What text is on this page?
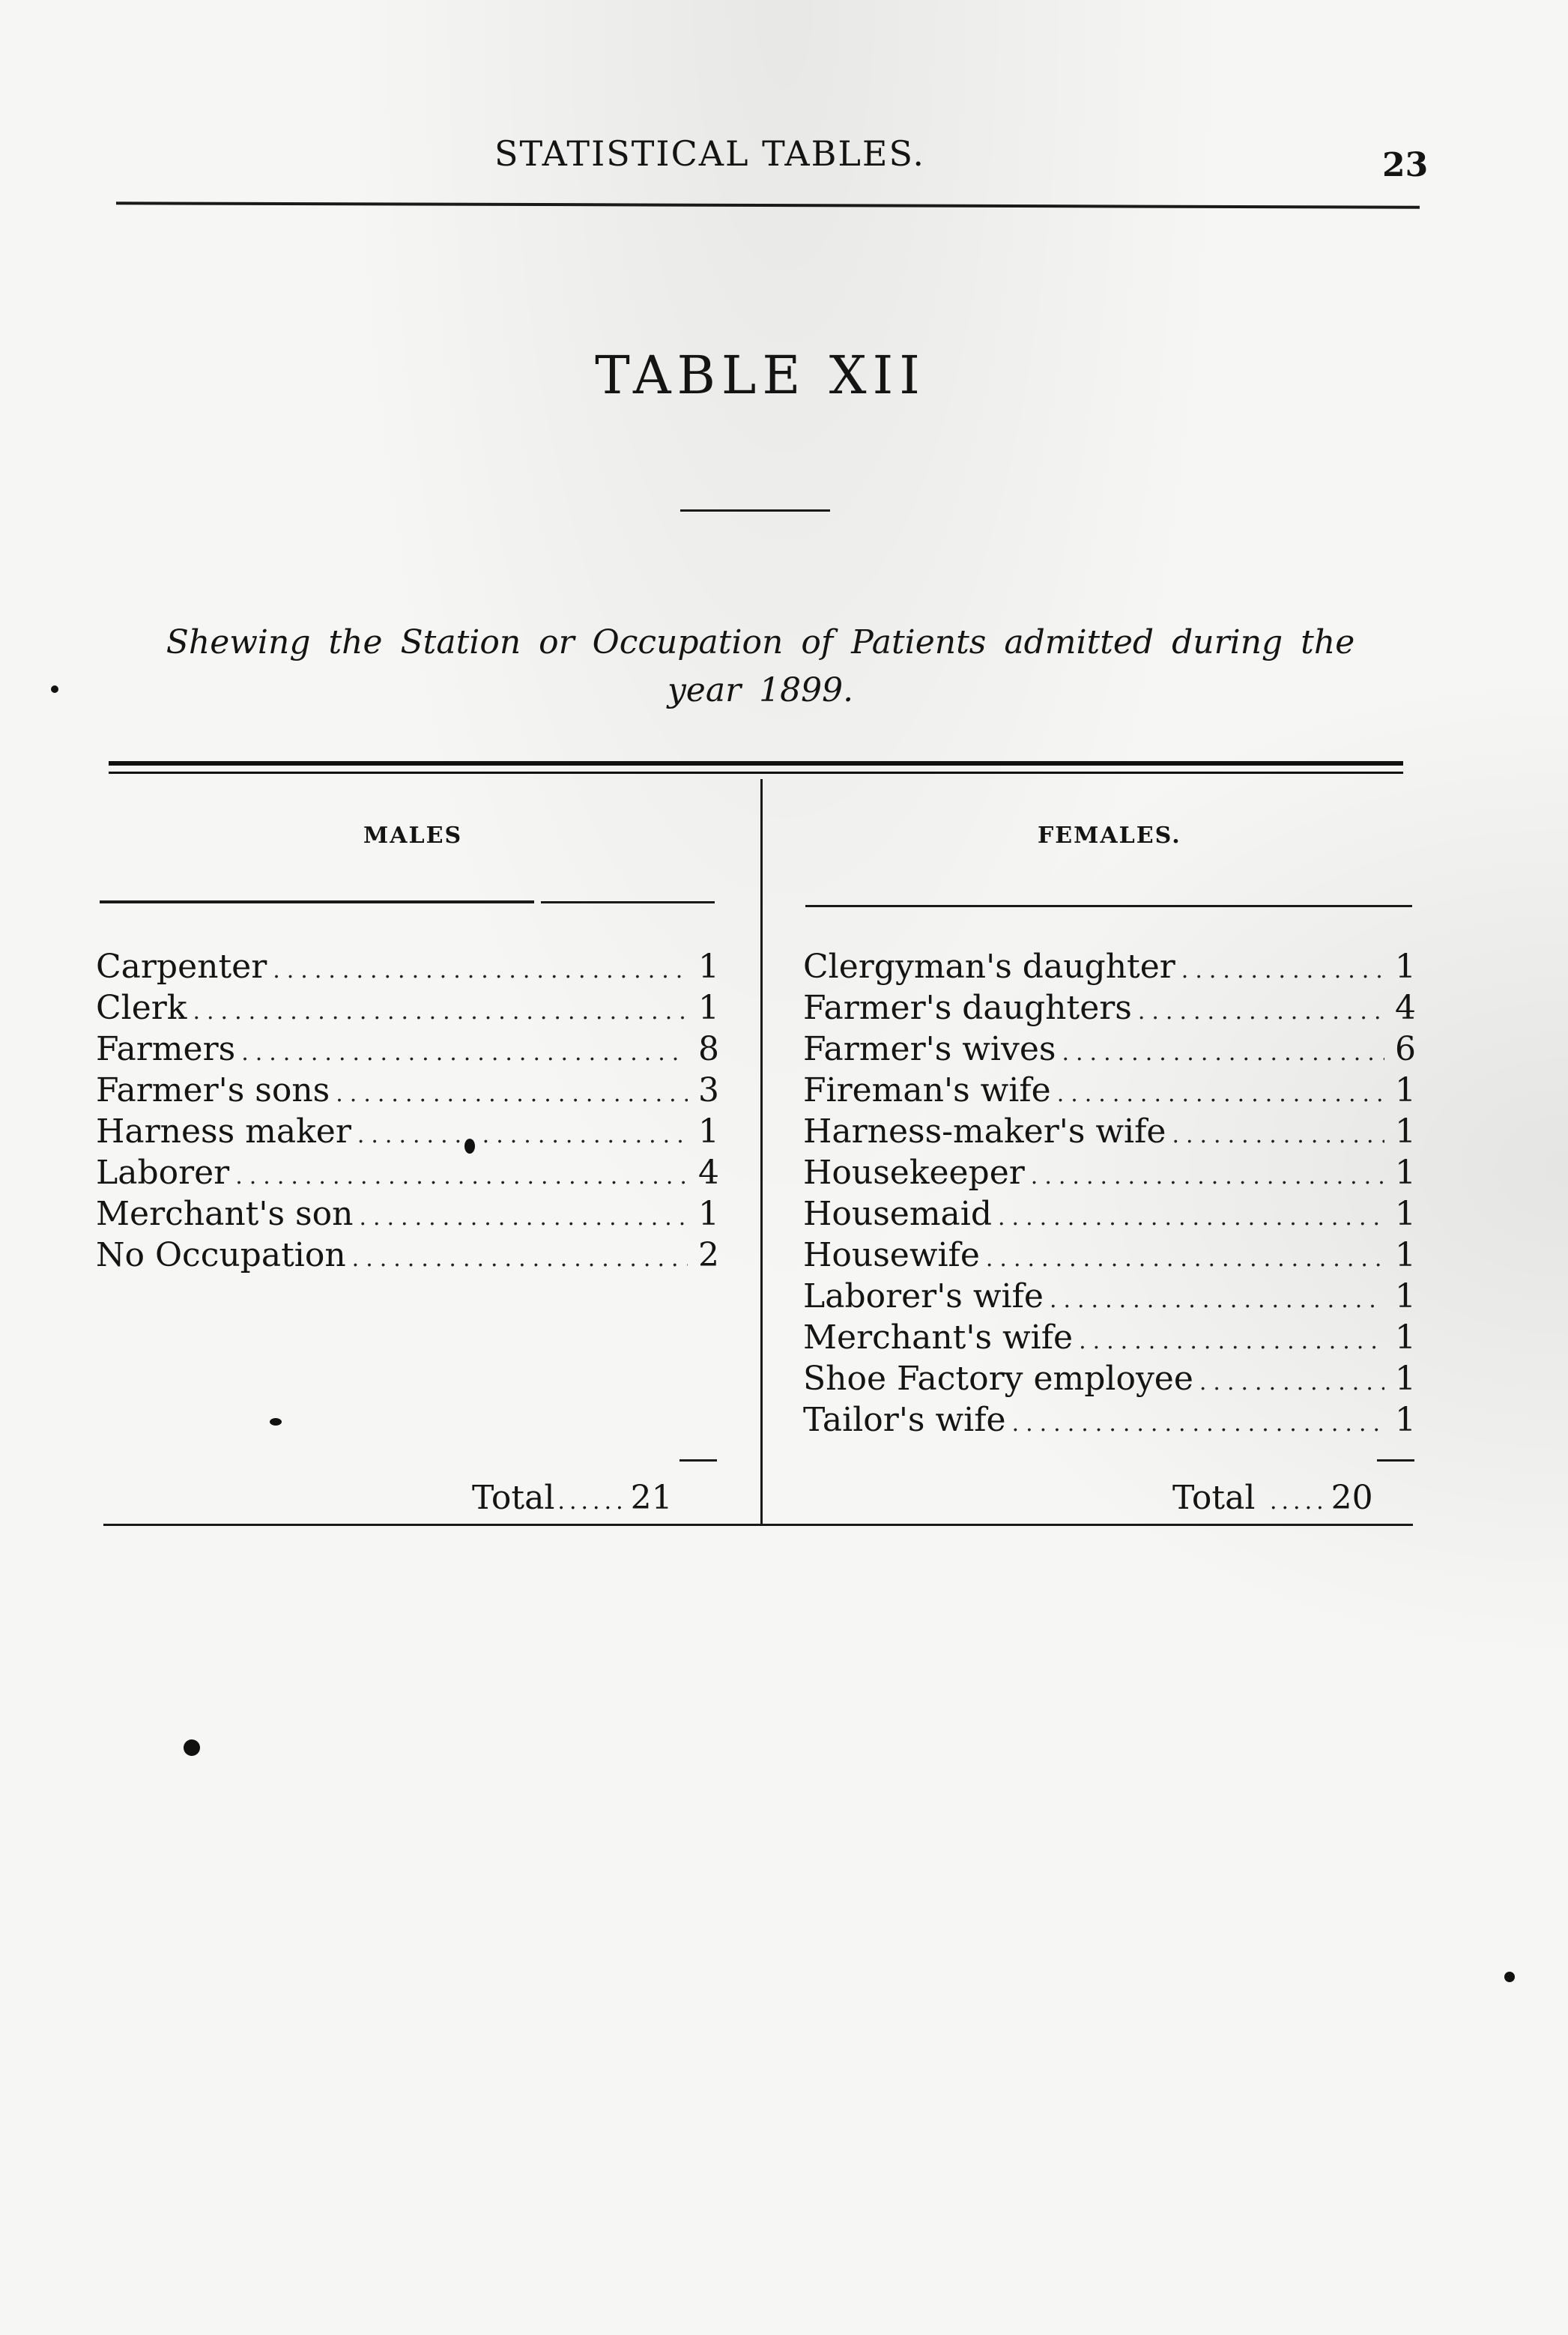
STATISTICAL TABLES.	23
TABLE XII
Shewing the Station or Occupation of Patients admitted during the
year 1899.
MALES	FEMALES.
Carpenter .....	1
Clerk .....	1
Farmers .....	8
Farmer's sons .....	3
Harness maker .....	1
Laborer .....	4
Merchant's son .....	1
No Occupation .....	2
Clergyman's daughter .....	1
Farmer's daughters .....	4
Farmer's wives .....	6
Fireman's wife .....	1
Harness-maker's wife .....	1
Housekeeper .....	1
Housemaid .....	1
Housewife .....	1
Laborer's wife .....	1
Merchant's wife .....	1
Shoe Factory employee .....	1
Tailor's wife .....	1
Total ...... 21	Total ..... 20
